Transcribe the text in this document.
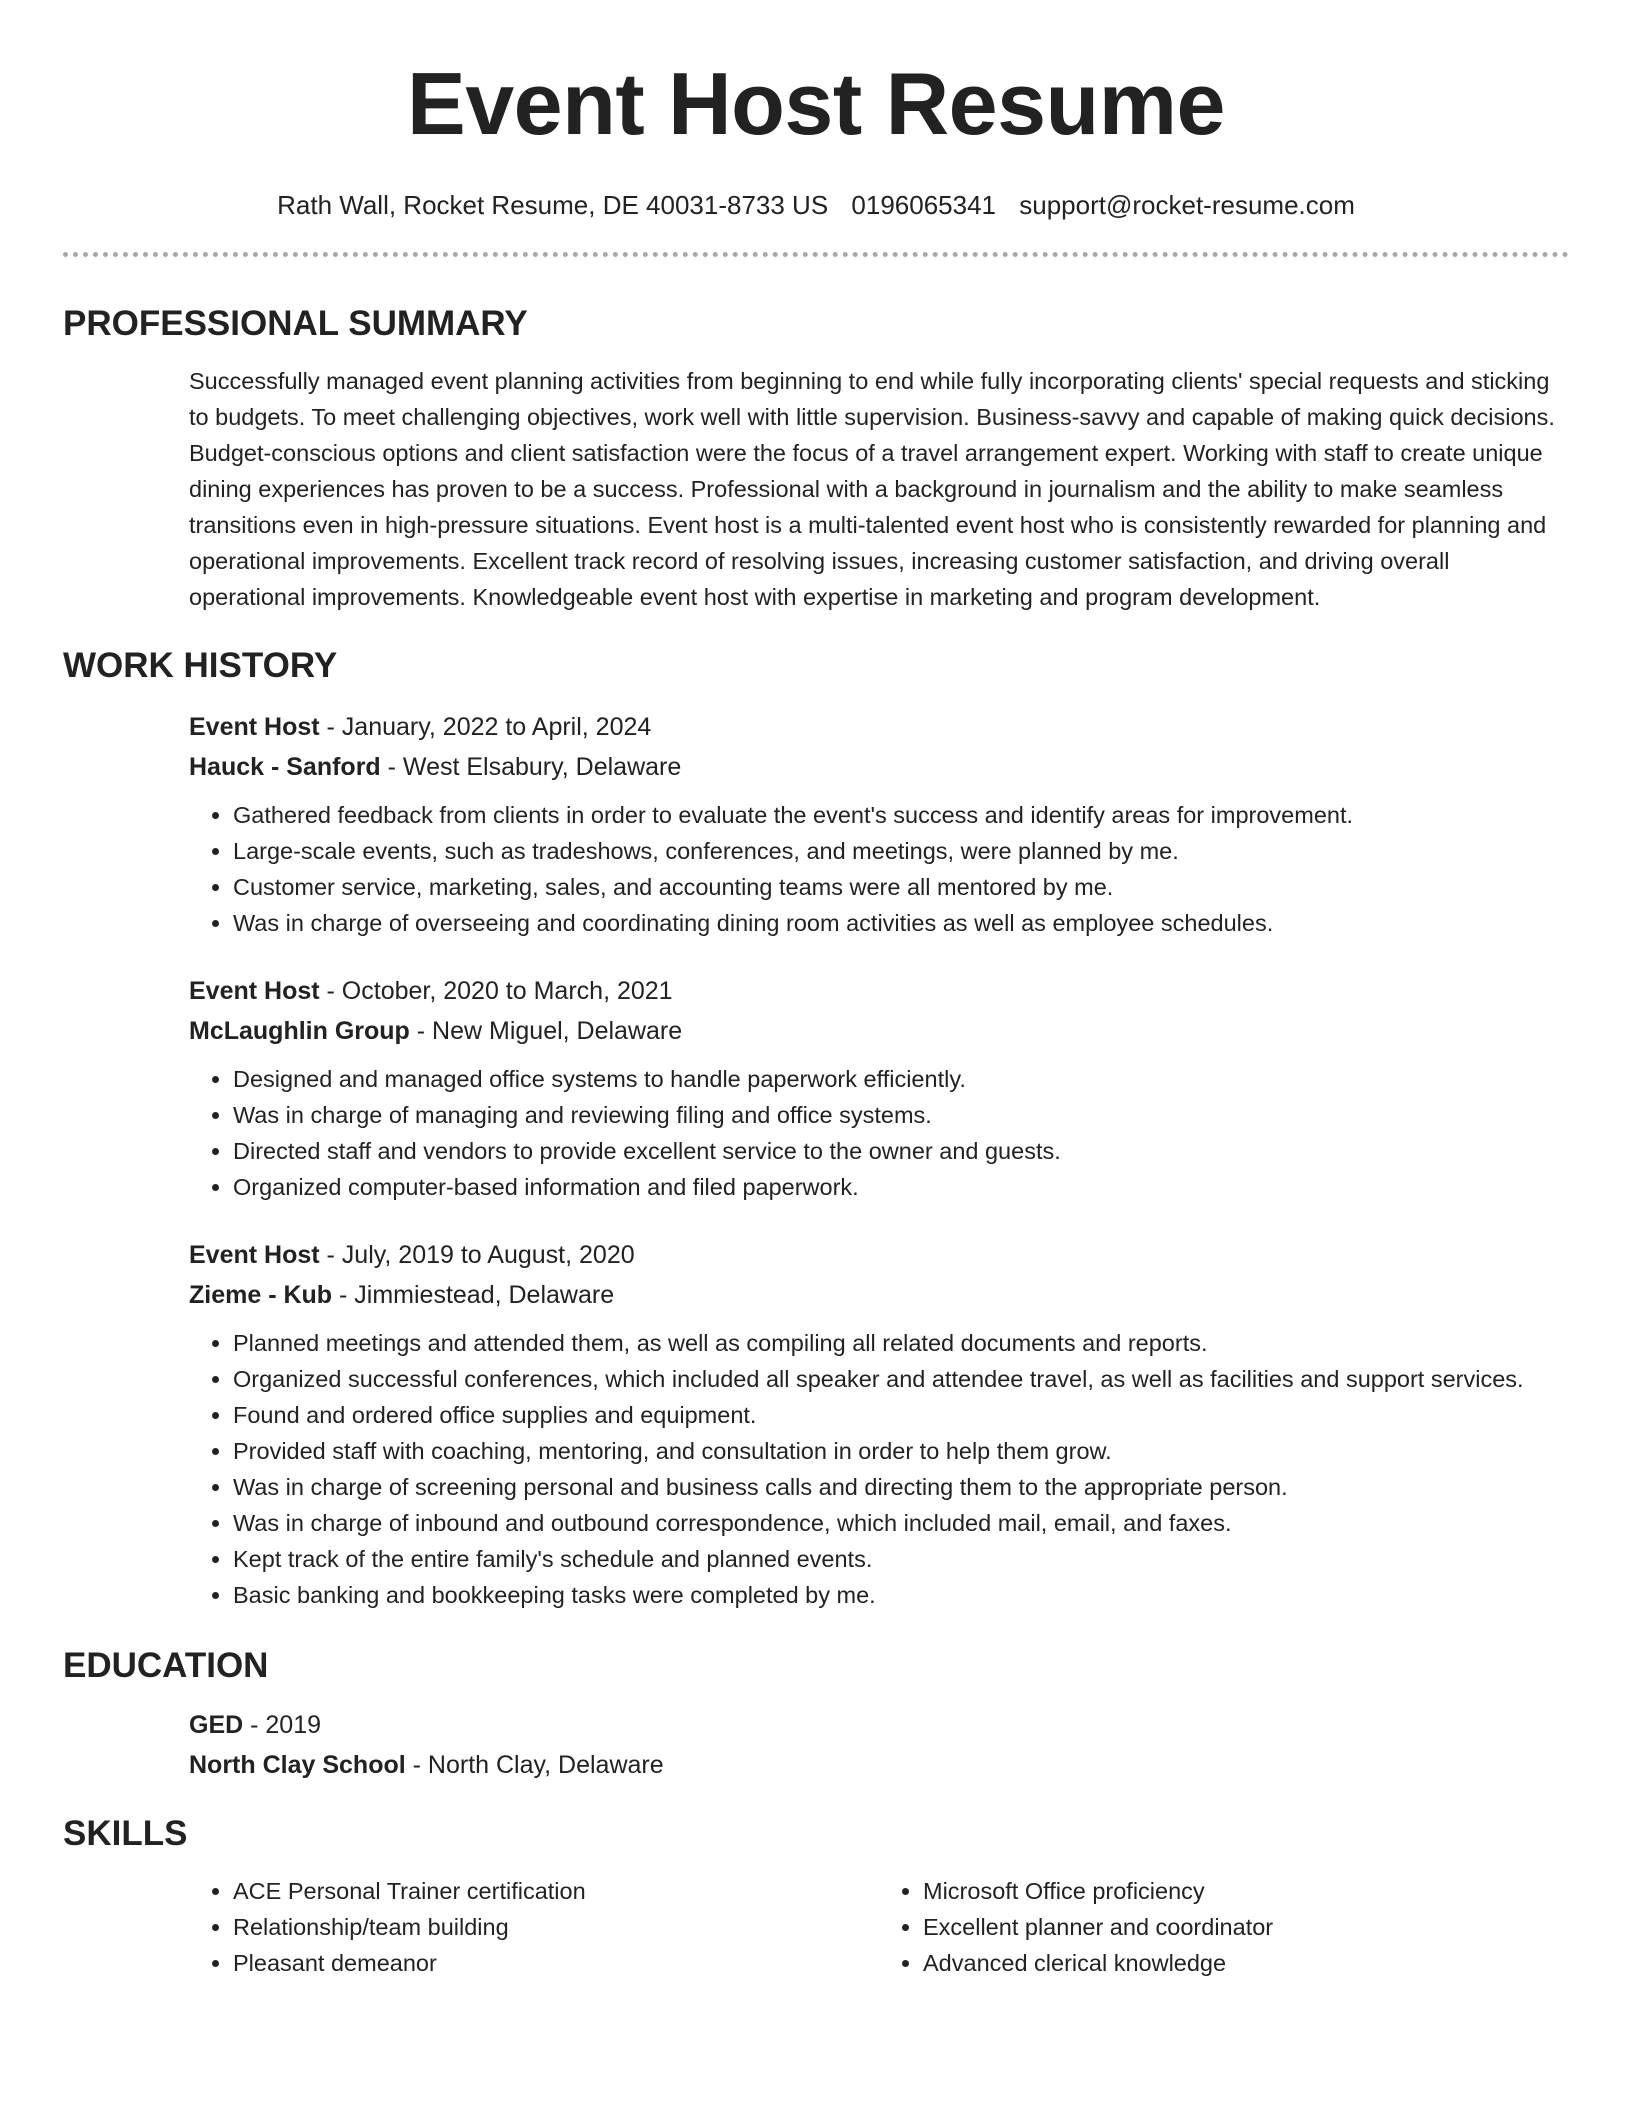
Event Host Resume
Rath Wall, Rocket Resume, DE 40031-8733 US 0196065341 support@rocket-resume.com
PROFESSIONAL SUMMARY
Successfully managed event planning activities from beginning to end while fully incorporating clients' special requests and sticking to budgets. To meet challenging objectives, work well with little supervision. Business-savvy and capable of making quick decisions. Budget-conscious options and client satisfaction were the focus of a travel arrangement expert. Working with staff to create unique dining experiences has proven to be a success. Professional with a background in journalism and the ability to make seamless transitions even in high-pressure situations. Event host is a multi-talented event host who is consistently rewarded for planning and operational improvements. Excellent track record of resolving issues, increasing customer satisfaction, and driving overall operational improvements. Knowledgeable event host with expertise in marketing and program development.
WORK HISTORY
Event Host - January, 2022 to April, 2024
Hauck - Sanford - West Elsabury, Delaware
• Gathered feedback from clients in order to evaluate the event's success and identify areas for improvement.
• Large-scale events, such as tradeshows, conferences, and meetings, were planned by me.
• Customer service, marketing, sales, and accounting teams were all mentored by me.
• Was in charge of overseeing and coordinating dining room activities as well as employee schedules.
Event Host - October, 2020 to March, 2021
McLaughlin Group - New Miguel, Delaware
• Designed and managed office systems to handle paperwork efficiently.
• Was in charge of managing and reviewing filing and office systems.
• Directed staff and vendors to provide excellent service to the owner and guests.
• Organized computer-based information and filed paperwork.
Event Host - July, 2019 to August, 2020
Zieme - Kub - Jimmiestead, Delaware
• Planned meetings and attended them, as well as compiling all related documents and reports.
• Organized successful conferences, which included all speaker and attendee travel, as well as facilities and support services.
• Found and ordered office supplies and equipment.
• Provided staff with coaching, mentoring, and consultation in order to help them grow.
• Was in charge of screening personal and business calls and directing them to the appropriate person.
• Was in charge of inbound and outbound correspondence, which included mail, email, and faxes.
• Kept track of the entire family's schedule and planned events.
• Basic banking and bookkeeping tasks were completed by me.
EDUCATION
GED - 2019
North Clay School - North Clay, Delaware
SKILLS
• ACE Personal Trainer certification
• Relationship/team building
• Pleasant demeanor
• Microsoft Office proficiency
• Excellent planner and coordinator
• Advanced clerical knowledge
